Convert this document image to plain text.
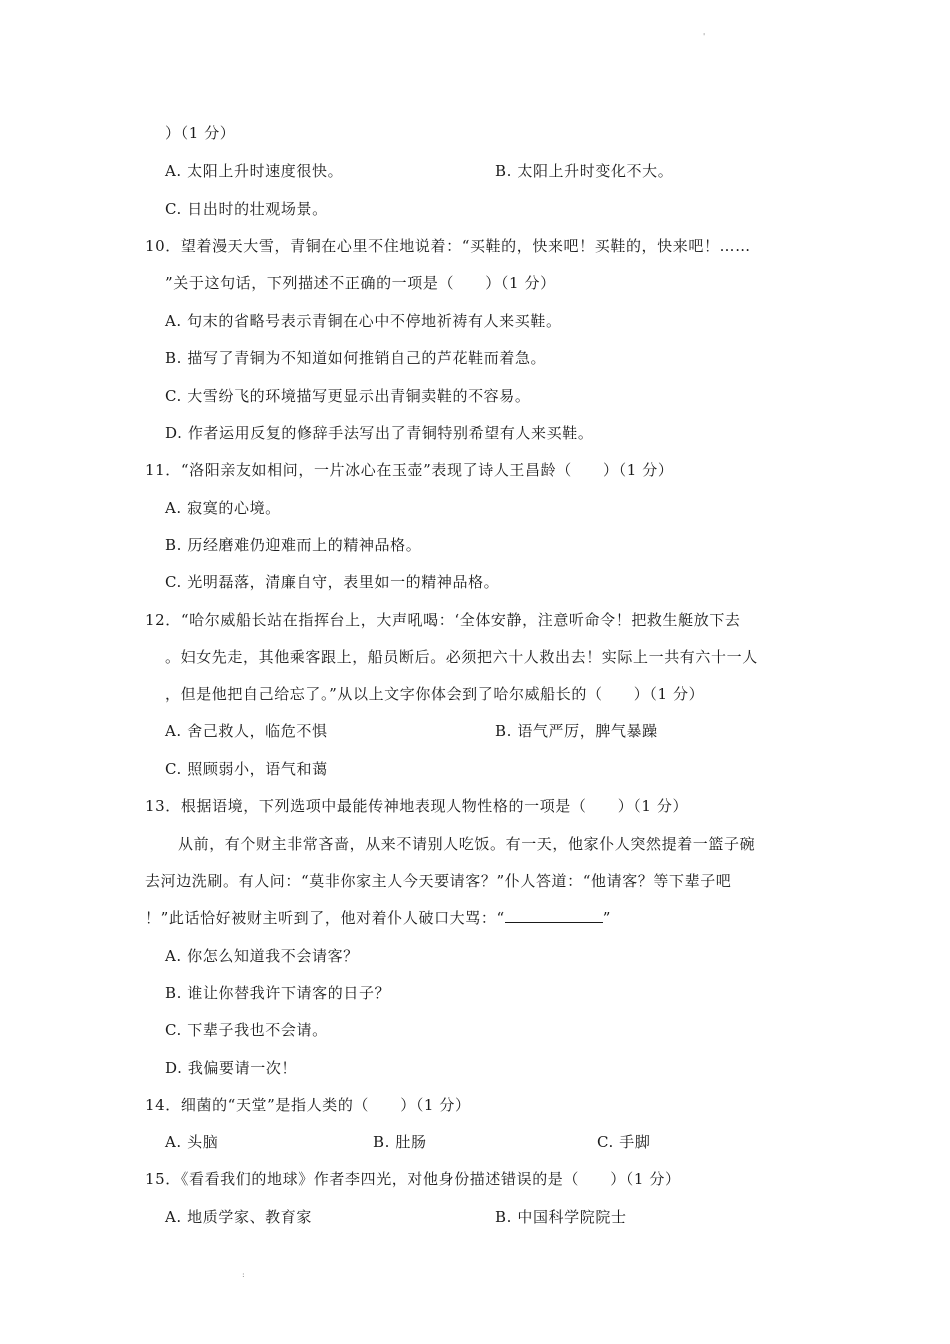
'
）（1 分）
A. 太阳上升时速度很快。	B. 太阳上升时变化不大。
C. 日出时的壮观场景。
10．望着漫天大雪，青铜在心里不住地说着：“买鞋的，快来吧！买鞋的，快来吧！……
”关于这句话，下列描述不正确的一项是（　　）（1 分）
A. 句末的省略号表示青铜在心中不停地祈祷有人来买鞋。
B. 描写了青铜为不知道如何推销自己的芦花鞋而着急。
C. 大雪纷飞的环境描写更显示出青铜卖鞋的不容易。
D. 作者运用反复的修辞手法写出了青铜特别希望有人来买鞋。
11．“洛阳亲友如相问，一片冰心在玉壶”表现了诗人王昌龄（　　）（1 分）
A. 寂寞的心境。
B. 历经磨难仍迎难而上的精神品格。
C. 光明磊落，清廉自守，表里如一的精神品格。
12．“哈尔威船长站在指挥台上，大声吼喝：‘全体安静，注意听命令！把救生艇放下去
。妇女先走，其他乘客跟上，船员断后。必须把六十人救出去！实际上一共有六十一人
，但是他把自己给忘了。”从以上文字你体会到了哈尔威船长的（　　）（1 分）
A. 舍己救人，临危不惧	B. 语气严厉，脾气暴躁
C. 照顾弱小，语气和蔼
13．根据语境，下列选项中最能传神地表现人物性格的一项是（　　）（1 分）
从前，有个财主非常吝啬，从来不请别人吃饭。有一天，他家仆人突然提着一篮子碗
去河边洗刷。有人问：“莫非你家主人今天要请客？”仆人答道：“他请客？等下辈子吧
！”此话恰好被财主听到了，他对着仆人破口大骂：“	”
A. 你怎么知道我不会请客？
B. 谁让你替我许下请客的日子？
C. 下辈子我也不会请。
D. 我偏要请一次！
14．细菌的“天堂”是指人类的（　　）（1 分）
A. 头脑	B. 肚肠	C. 手脚
15．《看看我们的地球》作者李四光，对他身份描述错误的是（　　）（1 分）
A. 地质学家、教育家	B. 中国科学院院士
:
